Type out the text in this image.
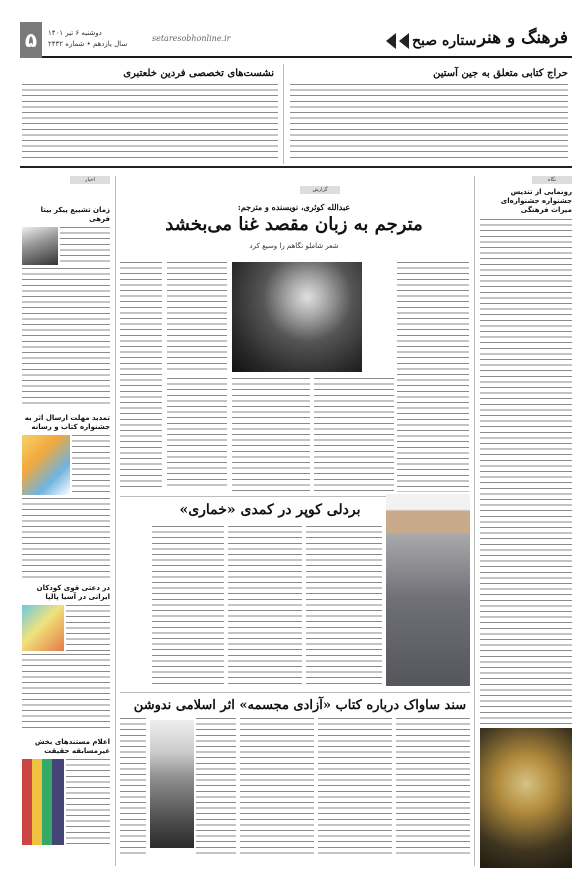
۵	دوشنبه ۶ تیر ۱۴۰۱
سال یازدهم • شماره ۲۴۳۲
setaresobhonline.ir	ستاره صبح فرهنگ و هنر
نشست‌های تخصصی فردین خلعتبری	حراج کتابی متعلق به جین آستین
نگاه
رونمایی از تندیس جشنواره جشنواره‌ای میراث فرهنگی
اخبار
زمان تشییع پیکر بیتا فرهی
تمدید مهلت ارسال اثر به جشنواره کتاب و رسانه
در دعتی قو‌ی کودکان ایرانی در آسیا پالپا
اعلام مستندهای بخش غیرمسابقه حقیقت
گزارش
عبدالله کوثری، نویسنده و مترجم:
مترجم به زبان مقصد غنا می‌بخشد
شعر شاملو نگاهم را وسیع کرد
بردلی کوپر در کمدی «خماری»
سند ساواک درباره کتاب «آزادی مجسمه» اثر اسلامی ندوشن
